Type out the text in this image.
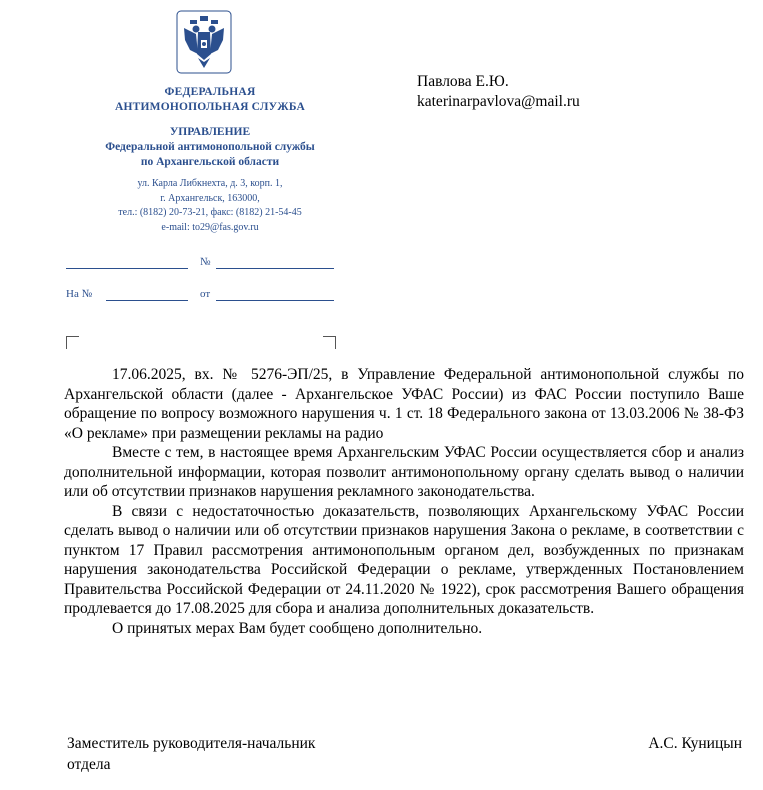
ФЕДЕРАЛЬНАЯ
АНТИМОНОПОЛЬНАЯ СЛУЖБА
УПРАВЛЕНИЕ
Федеральной антимонопольной службы
по Архангельской области
ул. Карла Либкнехта, д. 3, корп. 1,
г. Архангельск, 163000,
тел.: (8182) 20-73-21, факс: (8182) 21-54-45
e-mail: to29@fas.gov.ru
№
На №	от
Павлова Е.Ю.
katerinarpavlova@mail.ru

17.06.2025, вх. № 5276-ЭП/25, в Управление Федеральной антимонопольной службы по Архангельской области (далее - Архангельское УФАС России) из ФАС России поступило Ваше обращение по вопросу возможного нарушения ч. 1 ст. 18 Федерального закона от 13.03.2006 № 38-ФЗ «О рекламе» при размещении рекламы на радио

Вместе с тем, в настоящее время Архангельским УФАС России осуществляется сбор и анализ дополнительной информации, которая позволит антимонопольному органу сделать вывод о наличии или об отсутствии признаков нарушения рекламного законодательства.

В связи с недостаточностью доказательств, позволяющих Архангельскому УФАС России сделать вывод о наличии или об отсутствии признаков нарушения Закона о рекламе, в соответствии с пунктом 17 Правил рассмотрения антимонопольным органом дел, возбужденных по признакам нарушения законодательства Российской Федерации о рекламе, утвержденных Постановлением Правительства Российской Федерации от 24.11.2020 № 1922), срок рассмотрения Вашего обращения продлевается до 17.08.2025 для сбора и анализа дополнительных доказательств.

О принятых мерах Вам будет сообщено дополнительно.

Заместитель руководителя-начальник
отдела
А.С. Куницын
